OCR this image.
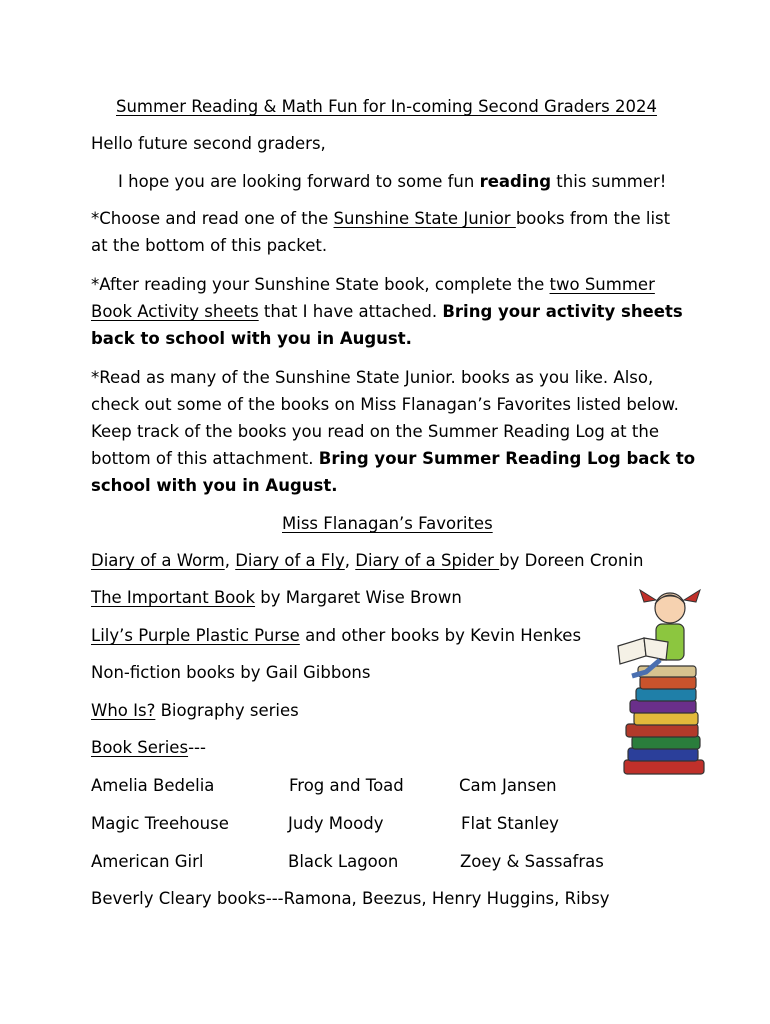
Summer Reading & Math Fun for In-coming Second Graders 2024
Hello future second graders,
I hope you are looking forward to some fun reading this summer!
*Choose and read one of the Sunshine State Junior books from the list
at the bottom of this packet.
*After reading your Sunshine State book, complete the two Summer
Book Activity sheets that I have attached. Bring your activity sheets
back to school with you in August.
*Read as many of the Sunshine State Junior. books as you like. Also,
check out some of the books on Miss Flanagan’s Favorites listed below.
Keep track of the books you read on the Summer Reading Log at the
bottom of this attachment. Bring your Summer Reading Log back to
school with you in August.
Miss Flanagan’s Favorites
Diary of a Worm, Diary of a Fly, Diary of a Spider by Doreen Cronin
The Important Book by Margaret Wise Brown
Lily’s Purple Plastic Purse and other books by Kevin Henkes
Non-fiction books by Gail Gibbons
Who Is? Biography series
Book Series---
Amelia Bedelia	Frog and Toad	Cam Jansen
Magic Treehouse	Judy Moody	Flat Stanley
American Girl	Black Lagoon	Zoey & Sassafras
Beverly Cleary books---Ramona, Beezus, Henry Huggins, Ribsy
